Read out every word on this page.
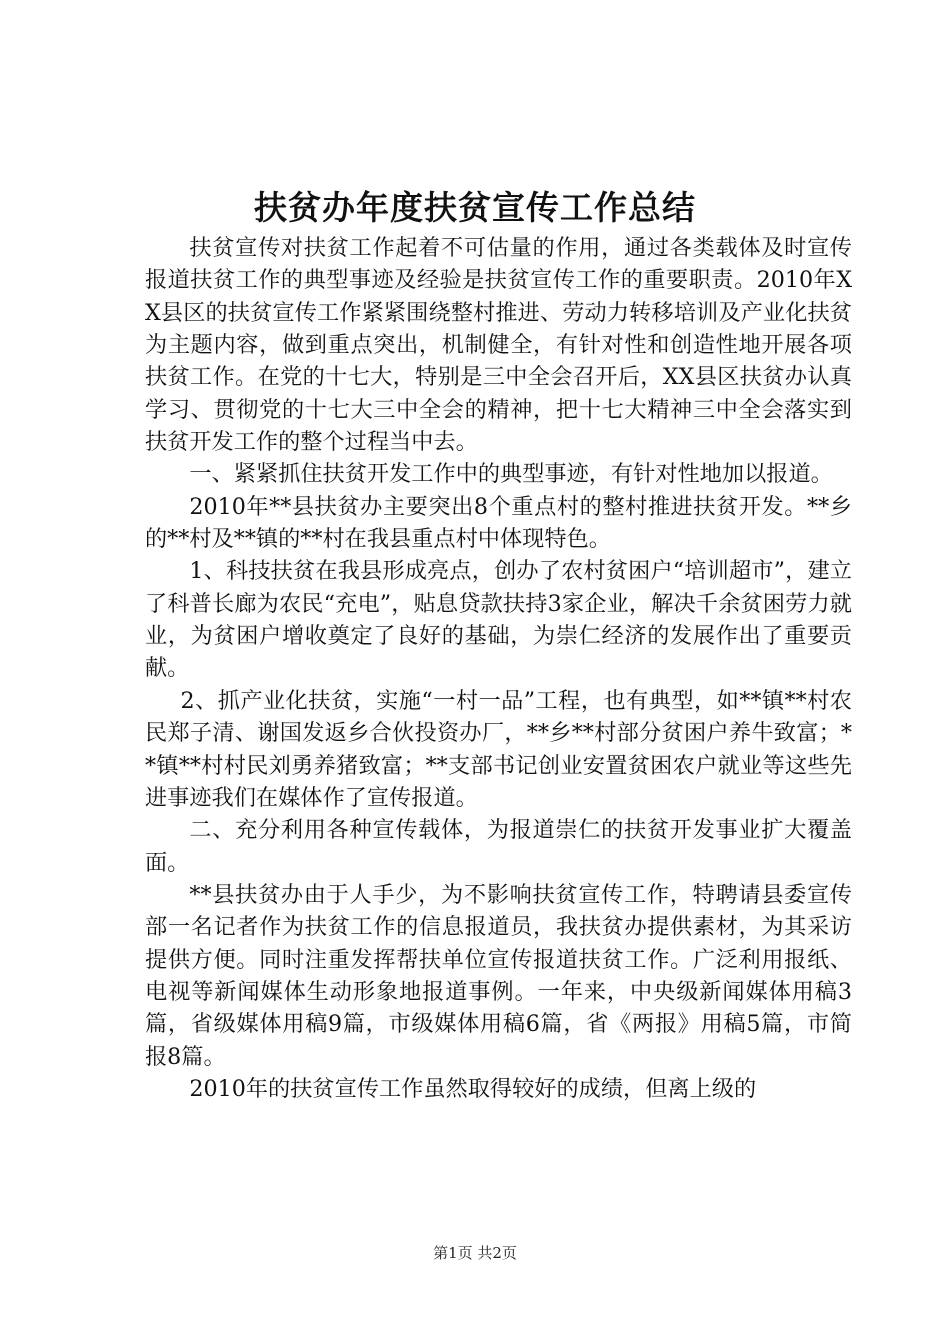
扶贫办年度扶贫宣传工作总结

扶贫宣传对扶贫工作起着不可估量的作用，通过各类载体及时宣传报道扶贫工作的典型事迹及经验是扶贫宣传工作的重要职责。2010年XX县区的扶贫宣传工作紧紧围绕整村推进、劳动力转移培训及产业化扶贫为主题内容，做到重点突出，机制健全，有针对性和创造性地开展各项扶贫工作。在党的十七大，特别是三中全会召开后，XX县区扶贫办认真学习、贯彻党的十七大三中全会的精神，把十七大精神三中全会落实到扶贫开发工作的整个过程当中去。

一、紧紧抓住扶贫开发工作中的典型事迹，有针对性地加以报道。

2010年**县扶贫办主要突出8个重点村的整村推进扶贫开发。**乡的**村及**镇的**村在我县重点村中体现特色。

1、科技扶贫在我县形成亮点，创办了农村贫困户“培训超市”，建立了科普长廊为农民“充电”，贴息贷款扶持3家企业，解决千余贫困劳力就业，为贫困户增收奠定了良好的基础，为崇仁经济的发展作出了重要贡献。

2、抓产业化扶贫，实施“一村一品”工程，也有典型，如**镇**村农民郑子清、谢国发返乡合伙投资办厂，**乡**村部分贫困户养牛致富；**镇**村村民刘勇养猪致富；**支部书记创业安置贫困农户就业等这些先进事迹我们在媒体作了宣传报道。

二、充分利用各种宣传载体，为报道崇仁的扶贫开发事业扩大覆盖面。

**县扶贫办由于人手少，为不影响扶贫宣传工作，特聘请县委宣传部一名记者作为扶贫工作的信息报道员，我扶贫办提供素材，为其采访提供方便。同时注重发挥帮扶单位宣传报道扶贫工作。广泛利用报纸、电视等新闻媒体生动形象地报道事例。一年来，中央级新闻媒体用稿3篇，省级媒体用稿9篇，市级媒体用稿6篇，省《两报》用稿5篇，市简报8篇。

2010年的扶贫宣传工作虽然取得较好的成绩，但离上级的

第1页 共2页
